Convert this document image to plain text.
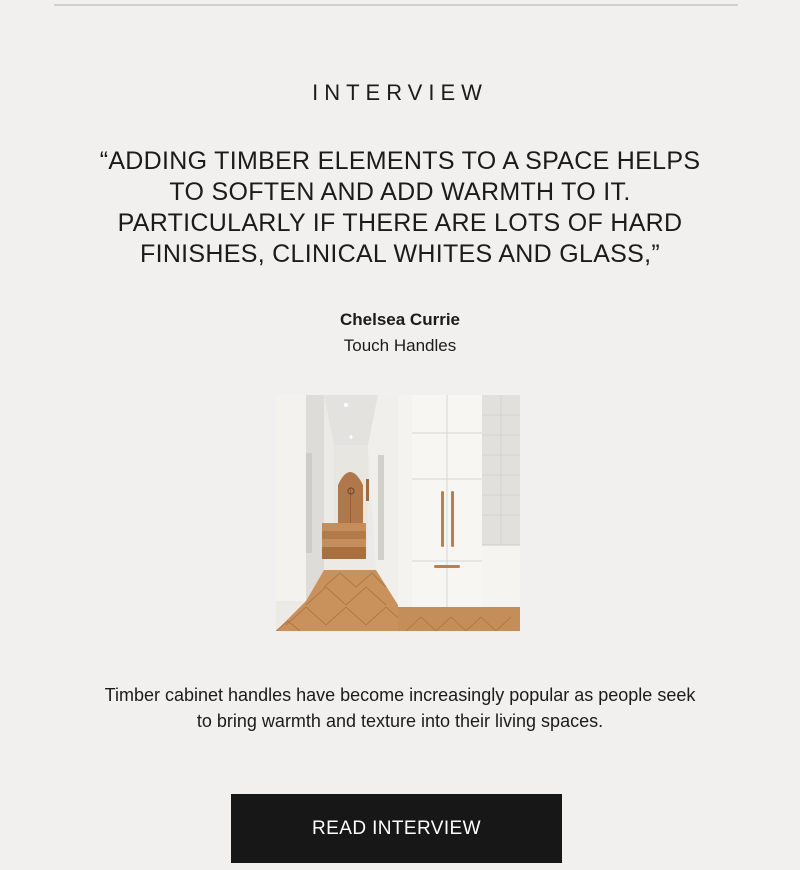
INTERVIEW
“ADDING TIMBER ELEMENTS TO A SPACE HELPS TO SOFTEN AND ADD WARMTH TO IT. PARTICULARLY IF THERE ARE LOTS OF HARD FINISHES, CLINICAL WHITES AND GLASS,”
Chelsea Currie
Touch Handles
Timber cabinet handles have become increasingly popular as people seek to bring warmth and texture into their living spaces.
READ INTERVIEW
